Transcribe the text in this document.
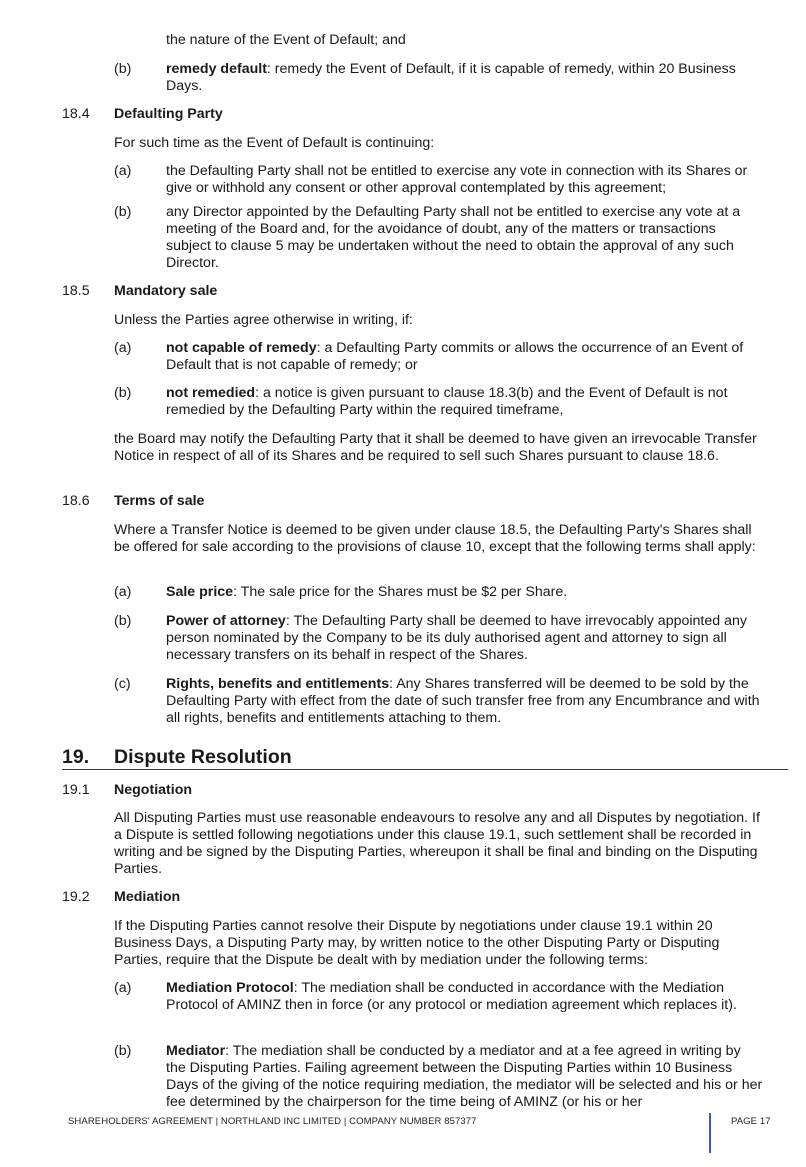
the nature of the Event of Default; and
(b) remedy default: remedy the Event of Default, if it is capable of remedy, within 20 Business Days.
18.4 Defaulting Party
For such time as the Event of Default is continuing:
(a) the Defaulting Party shall not be entitled to exercise any vote in connection with its Shares or give or withhold any consent or other approval contemplated by this agreement;
(b) any Director appointed by the Defaulting Party shall not be entitled to exercise any vote at a meeting of the Board and, for the avoidance of doubt, any of the matters or transactions subject to clause 5 may be undertaken without the need to obtain the approval of any such Director.
18.5 Mandatory sale
Unless the Parties agree otherwise in writing, if:
(a) not capable of remedy: a Defaulting Party commits or allows the occurrence of an Event of Default that is not capable of remedy; or
(b) not remedied: a notice is given pursuant to clause 18.3(b) and the Event of Default is not remedied by the Defaulting Party within the required timeframe,
the Board may notify the Defaulting Party that it shall be deemed to have given an irrevocable Transfer Notice in respect of all of its Shares and be required to sell such Shares pursuant to clause 18.6.
18.6 Terms of sale
Where a Transfer Notice is deemed to be given under clause 18.5, the Defaulting Party's Shares shall be offered for sale according to the provisions of clause 10, except that the following terms shall apply:
(a) Sale price: The sale price for the Shares must be $2 per Share.
(b) Power of attorney: The Defaulting Party shall be deemed to have irrevocably appointed any person nominated by the Company to be its duly authorised agent and attorney to sign all necessary transfers on its behalf in respect of the Shares.
(c) Rights, benefits and entitlements: Any Shares transferred will be deemed to be sold by the Defaulting Party with effect from the date of such transfer free from any Encumbrance and with all rights, benefits and entitlements attaching to them.
19. Dispute Resolution
19.1 Negotiation
All Disputing Parties must use reasonable endeavours to resolve any and all Disputes by negotiation. If a Dispute is settled following negotiations under this clause 19.1, such settlement shall be recorded in writing and be signed by the Disputing Parties, whereupon it shall be final and binding on the Disputing Parties.
19.2 Mediation
If the Disputing Parties cannot resolve their Dispute by negotiations under clause 19.1 within 20 Business Days, a Disputing Party may, by written notice to the other Disputing Party or Disputing Parties, require that the Dispute be dealt with by mediation under the following terms:
(a) Mediation Protocol: The mediation shall be conducted in accordance with the Mediation Protocol of AMINZ then in force (or any protocol or mediation agreement which replaces it).
(b) Mediator: The mediation shall be conducted by a mediator and at a fee agreed in writing by the Disputing Parties. Failing agreement between the Disputing Parties within 10 Business Days of the giving of the notice requiring mediation, the mediator will be selected and his or her fee determined by the chairperson for the time being of AMINZ (or his or her
SHAREHOLDERS' AGREEMENT | NORTHLAND INC LIMITED | COMPANY NUMBER 857377	PAGE 17
